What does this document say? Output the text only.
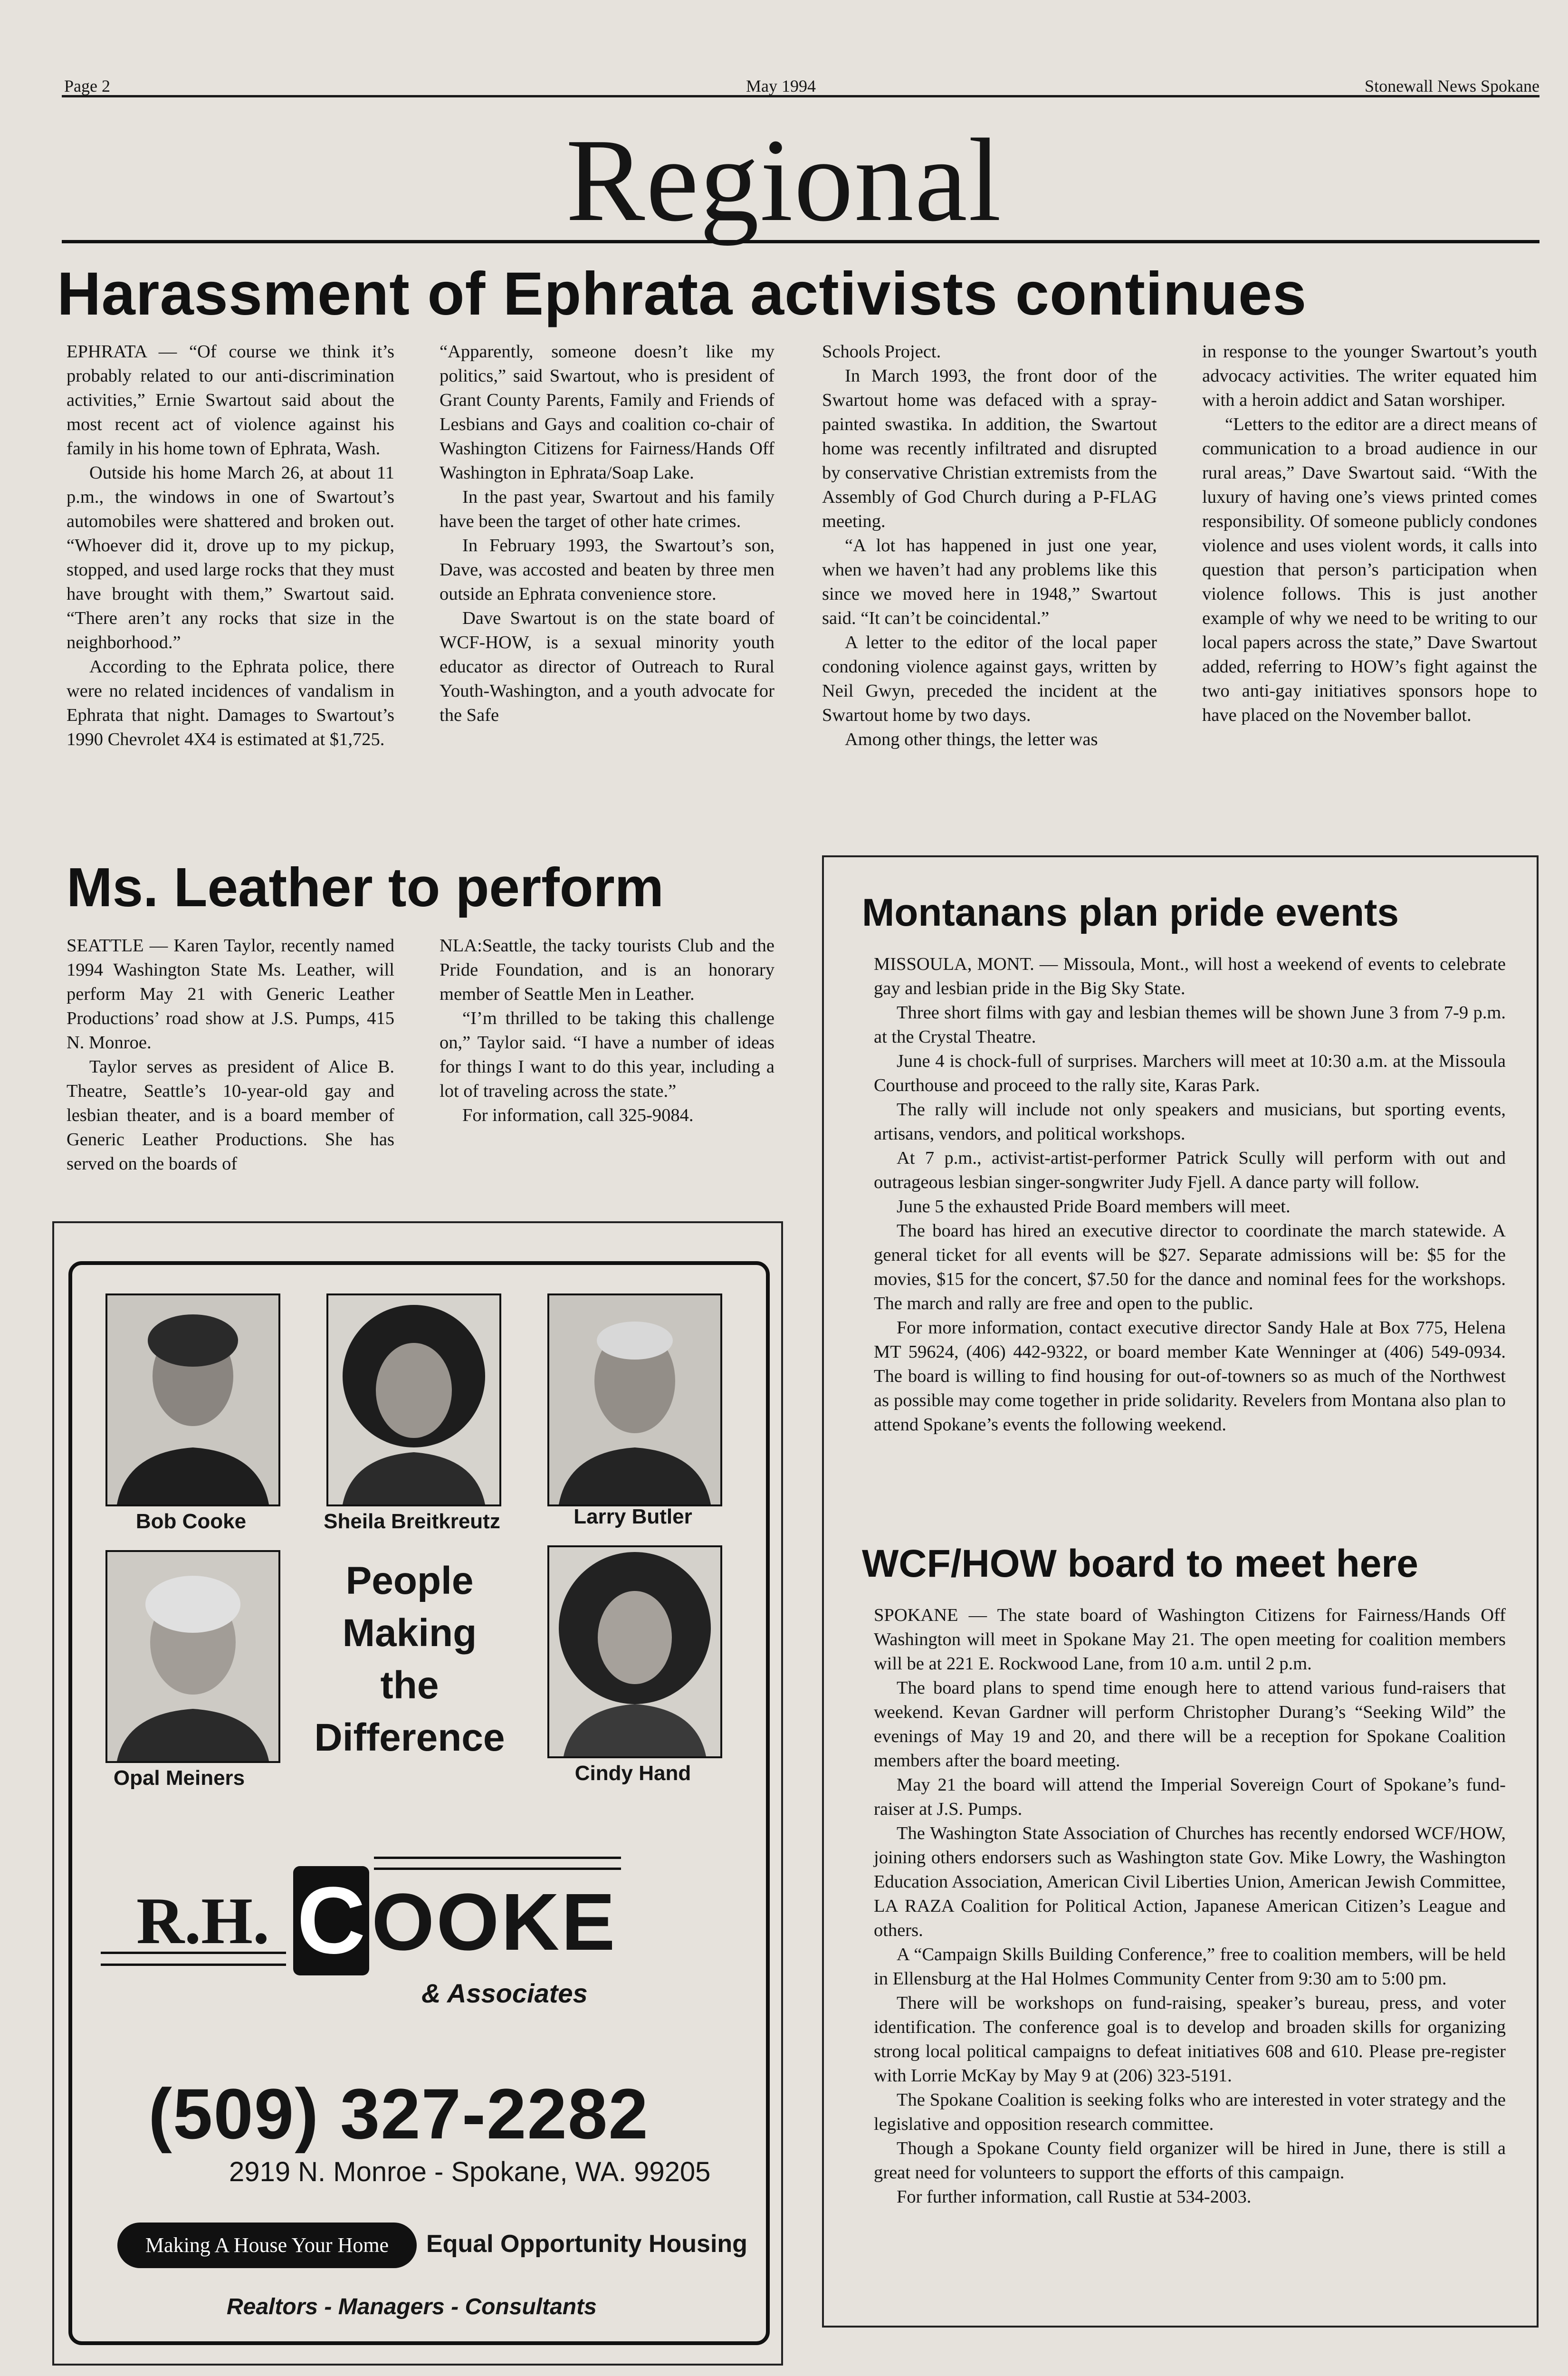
Page 2	May 1994	Stonewall News Spokane
Regional
Harassment of Ephrata activists continues

EPHRATA — “Of course we think it’s probably related to our anti-discrimination activities,” Ernie Swartout said about the most recent act of violence against his family in his home town of Ephrata, Wash.

Outside his home March 26, at about 11 p.m., the windows in one of Swartout’s automobiles were shattered and broken out. “Whoever did it, drove up to my pickup, stopped, and used large rocks that they must have brought with them,” Swartout said. “There aren’t any rocks that size in the neighborhood.”

According to the Ephrata police, there were no related incidences of vandalism in Ephrata that night. Damages to Swartout’s 1990 Chevrolet 4X4 is estimated at $1,725.

“Apparently, someone doesn’t like my politics,” said Swartout, who is president of Grant County Parents, Family and Friends of Lesbians and Gays and coalition co-chair of Washington Citizens for Fairness/Hands Off Washington in Ephrata/Soap Lake.

In the past year, Swartout and his family have been the target of other hate crimes.

In February 1993, the Swartout’s son, Dave, was accosted and beaten by three men outside an Ephrata convenience store.

Dave Swartout is on the state board of WCF-HOW, is a sexual minority youth educator as director of Outreach to Rural Youth-Washington, and a youth advocate for the Safe

Schools Project.

In March 1993, the front door of the Swartout home was defaced with a spray-painted swastika. In addition, the Swartout home was recently infiltrated and disrupted by conservative Christian extremists from the Assembly of God Church during a P-FLAG meeting.

“A lot has happened in just one year, when we haven’t had any problems like this since we moved here in 1948,” Swartout said. “It can’t be coincidental.”

A letter to the editor of the local paper condoning violence against gays, written by Neil Gwyn, preceded the incident at the Swartout home by two days.

Among other things, the letter was

in response to the younger Swartout’s youth advocacy activities. The writer equated him with a heroin addict and Satan worshiper.

“Letters to the editor are a direct means of communication to a broad audience in our rural areas,” Dave Swartout said. “With the luxury of having one’s views printed comes responsibility. Of someone publicly condones violence and uses violent words, it calls into question that person’s participation when violence follows. This is just another example of why we need to be writing to our local papers across the state,” Dave Swartout added, referring to HOW’s fight against the two anti-gay initiatives sponsors hope to have placed on the November ballot.

Ms. Leather to perform

SEATTLE — Karen Taylor, recently named 1994 Washington State Ms. Leather, will perform May 21 with Generic Leather Productions’ road show at J.S. Pumps, 415 N. Monroe.

Taylor serves as president of Alice B. Theatre, Seattle’s 10-year-old gay and lesbian theater, and is a board member of Generic Leather Productions. She has served on the boards of

NLA:Seattle, the tacky tourists Club and the Pride Foundation, and is an honorary member of Seattle Men in Leather.

“I’m thrilled to be taking this challenge on,” Taylor said. “I have a number of ideas for things I want to do this year, including a lot of traveling across the state.”

For information, call 325-9084.

Montanans plan pride events

MISSOULA, MONT. — Missoula, Mont., will host a weekend of events to celebrate gay and lesbian pride in the Big Sky State.

Three short films with gay and lesbian themes will be shown June 3 from 7-9 p.m. at the Crystal Theatre.

June 4 is chock-full of surprises. Marchers will meet at 10:30 a.m. at the Missoula Courthouse and proceed to the rally site, Karas Park.

The rally will include not only speakers and musicians, but sporting events, artisans, vendors, and political workshops.

At 7 p.m., activist-artist-performer Patrick Scully will perform with out and outrageous lesbian singer-songwriter Judy Fjell. A dance party will follow.

June 5 the exhausted Pride Board members will meet.

The board has hired an executive director to coordinate the march statewide. A general ticket for all events will be $27. Separate admissions will be: $5 for the movies, $15 for the concert, $7.50 for the dance and nominal fees for the workshops. The march and rally are free and open to the public.

For more information, contact executive director Sandy Hale at Box 775, Helena MT 59624, (406) 442-9322, or board member Kate Wenninger at (406) 549-0934. The board is willing to find housing for out-of-towners so as much of the Northwest as possible may come together in pride solidarity. Revelers from Montana also plan to attend Spokane’s events the following weekend.

WCF/HOW board to meet here

SPOKANE — The state board of Washington Citizens for Fairness/Hands Off Washington will meet in Spokane May 21. The open meeting for coalition members will be at 221 E. Rockwood Lane, from 10 a.m. until 2 p.m.

The board plans to spend time enough here to attend various fund-raisers that weekend. Kevan Gardner will perform Christopher Durang’s “Seeking Wild” the evenings of May 19 and 20, and there will be a reception for Spokane Coalition members after the board meeting.

May 21 the board will attend the Imperial Sovereign Court of Spokane’s fund-raiser at J.S. Pumps.

The Washington State Association of Churches has recently endorsed WCF/HOW, joining others endorsers such as Washington state Gov. Mike Lowry, the Washington Education Association, American Civil Liberties Union, American Jewish Committee, LA RAZA Coalition for Political Action, Japanese American Citizen’s League and others.

A “Campaign Skills Building Conference,” free to coalition members, will be held in Ellensburg at the Hal Holmes Community Center from 9:30 am to 5:00 pm.

There will be workshops on fund-raising, speaker’s bureau, press, and voter identification. The conference goal is to develop and broaden skills for organizing strong local political campaigns to defeat initiatives 608 and 610. Please pre-register with Lorrie McKay by May 9 at (206) 323-5191.

The Spokane Coalition is seeking folks who are interested in voter strategy and the legislative and opposition research committee.

Though a Spokane County field organizer will be hired in June, there is still a great need for volunteers to support the efforts of this campaign.

For further information, call Rustie at 534-2003.

Bob Cooke	Sheila Breitkreutz	Larry Butler
Opal Meiners
People
Making
the
Difference
Cindy Hand
R.H. C OOKE
& Associates
(509) 327-2282
2919 N. Monroe - Spokane, WA. 99205
Making A House Your Home	Equal Opportunity Housing
Realtors - Managers - Consultants
